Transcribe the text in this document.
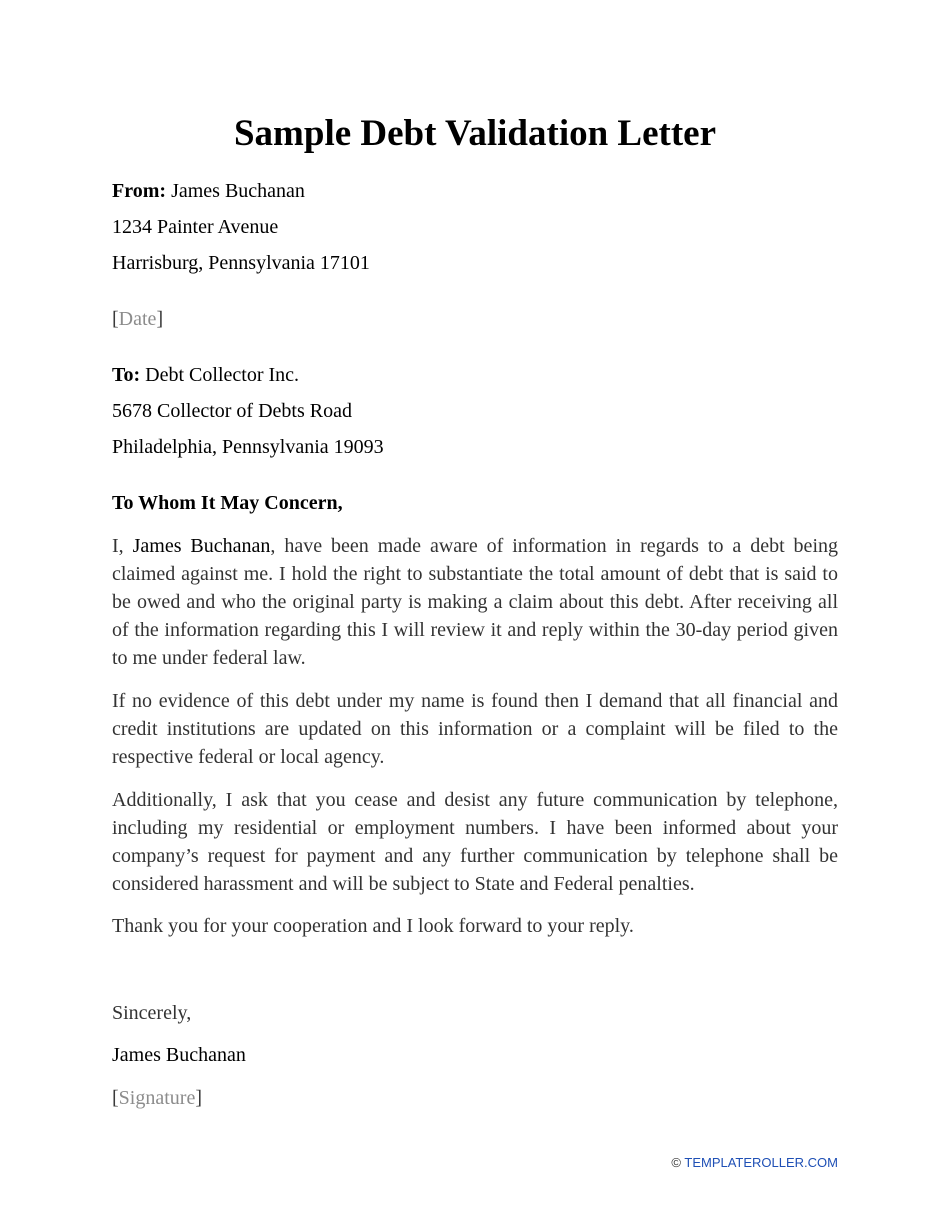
Sample Debt Validation Letter

From: James Buchanan

1234 Painter Avenue

Harrisburg, Pennsylvania 17101

[Date]

To: Debt Collector Inc.

5678 Collector of Debts Road

Philadelphia, Pennsylvania 19093

To Whom It May Concern,

I, James Buchanan, have been made aware of information in regards to a debt being claimed against me. I hold the right to substantiate the total amount of debt that is said to be owed and who the original party is making a claim about this debt. After receiving all of the information regarding this I will review it and reply within the 30-day period given to me under federal law.

If no evidence of this debt under my name is found then I demand that all financial and credit institutions are updated on this information or a complaint will be filed to the respective federal or local agency.

Additionally, I ask that you cease and desist any future communication by telephone, including my residential or employment numbers. I have been informed about your company’s request for payment and any further communication by telephone shall be considered harassment and will be subject to State and Federal penalties.

Thank you for your cooperation and I look forward to your reply.

Sincerely,

James Buchanan

[Signature]

© TEMPLATEROLLER.COM
